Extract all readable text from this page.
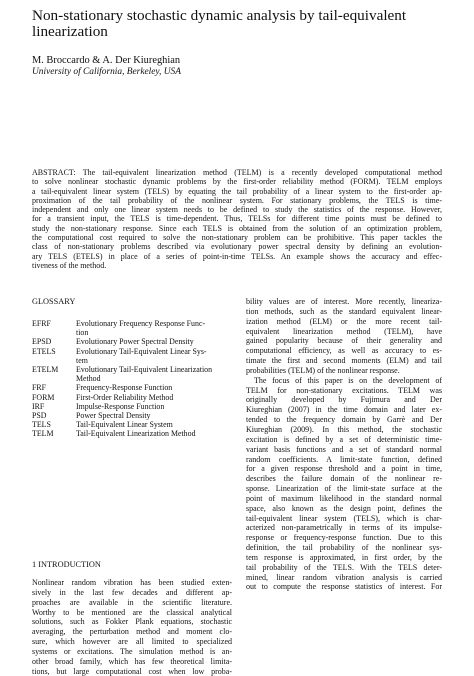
Non-stationary stochastic dynamic analysis by tail-equivalent
linearization
M. Broccardo & A. Der Kiureghian
University of California, Berkeley, USA
ABSTRACT: The tail-equivalent linearization method (TELM) is a recently developed computational method
to solve nonlinear stochastic dynamic problems by the first-order reliability method (FORM). TELM employs
a tail-equivalent linear system (TELS) by equating the tail probability of a linear system to the first-order ap-
proximation of the tail probability of the nonlinear system. For stationary problems, the TELS is time-
independent and only one linear system needs to be defined to study the statistics of the response. However,
for a transient input, the TELS is time-dependent. Thus, TELSs for different time points must be defined to
study the non-stationary response. Since each TELS is obtained from the solution of an optimization problem,
the computational cost required to solve the non-stationary problem can be prohibitive. This paper tackles the
class of non-stationary problems described via evolutionary power spectral density by defining an evolution-
ary TELS (ETELS) in place of a series of point-in-time TELSs. An example shows the accuracy and effec-
tiveness of the method.
GLOSSARY
EFRF	Evolutionary Frequency Response Func-
tion
EPSD	Evolutionary Power Spectral Density
ETELS	Evolutionary Tail-Equivalent Linear Sys-
tem
ETELM	Evolutionary Tail-Equivalent Linearization
Method
FRF	Frequency-Response Function
FORM	First-Order Reliability Method
IRF	Impulse-Response Function
PSD	Power Spectral Density
TELS	Tail-Equivalent Linear System
TELM	Tail-Equivalent Linearization Method
1 INTRODUCTION
Nonlinear random vibration has been studied exten-
sively in the last few decades and different ap-
proaches are available in the scientific literature.
Worthy to be mentioned are the classical analytical
solutions, such as Fokker Plank equations, stochastic
averaging, the perturbation method and moment clo-
sure, which however are all limited to specialized
systems or excitations. The simulation method is an-
other broad family, which has few theoretical limita-
tions, but large computational cost when low proba-
bility values are of interest. More recently, lineariza-
tion methods, such as the standard equivalent linear-
ization method (ELM) or the more recent tail-
equivalent linearization method (TELM), have
gained popularity because of their generality and
computational efficiency, as well as accuracy to es-
timate the first and second moments (ELM) and tail
probabilities (TELM) of the nonlinear response.
The focus of this paper is on the development of
TELM for non-stationary excitations. TELM was
originally developed by Fujimura and Der
Kiureghian (2007) in the time domain and later ex-
tended to the frequency domain by Garrè and Der
Kiureghian (2009). In this method, the stochastic
excitation is defined by a set of deterministic time-
variant basis functions and a set of standard normal
random coefficients. A limit-state function, defined
for a given response threshold and a point in time,
describes the failure domain of the nonlinear re-
sponse. Linearization of the limit-state surface at the
point of maximum likelihood in the standard normal
space, also known as the design point, defines the
tail-equivalent linear system (TELS), which is char-
acterized non-parametrically in terms of its impulse-
response or frequency-response function. Due to this
definition, the tail probability of the nonlinear sys-
tem response is approximated, in first order, by the
tail probability of the TELS. With the TELS deter-
mined, linear random vibration analysis is carried
out to compute the response statistics of interest. For
